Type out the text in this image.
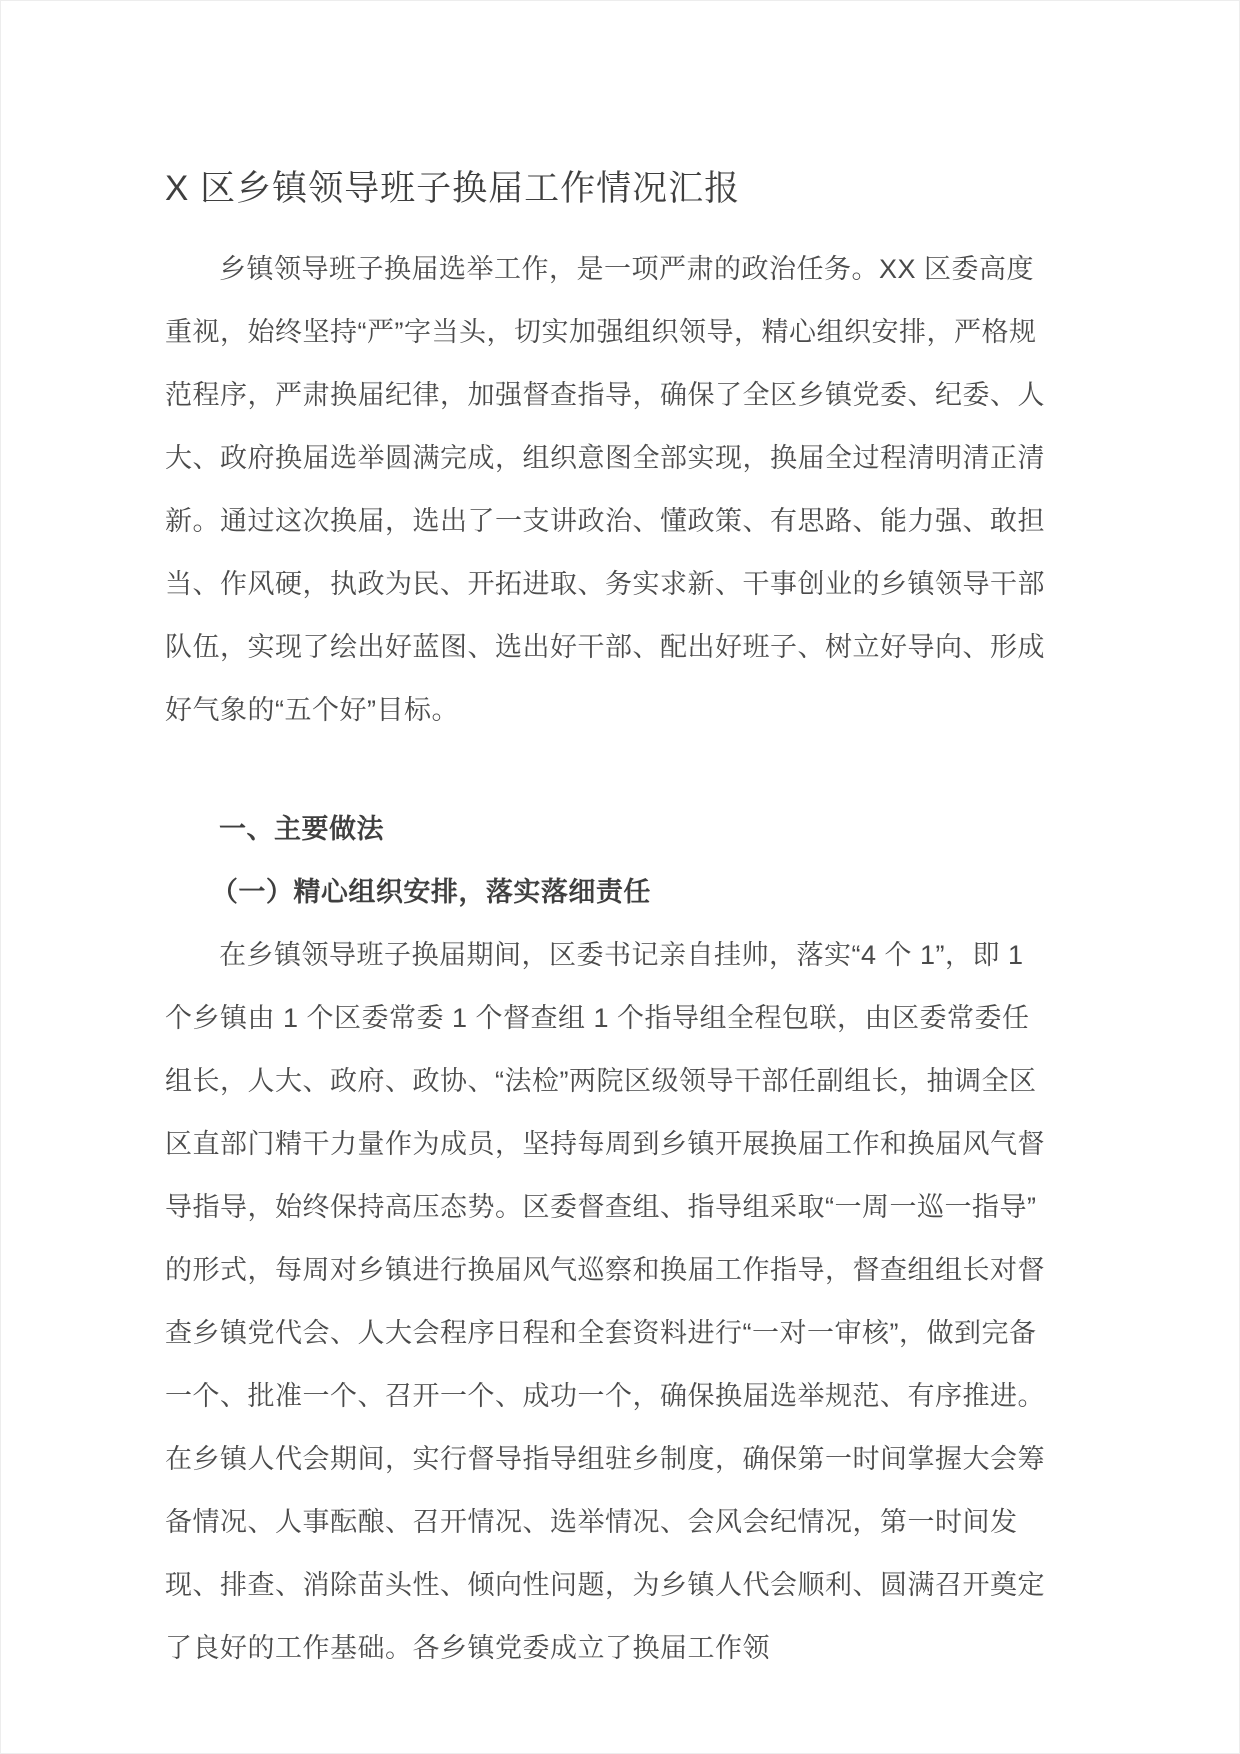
X 区乡镇领导班子换届工作情况汇报

乡镇领导班子换届选举工作，是一项严肃的政治任务。XX 区委高度重视，始终坚持“严”字当头，切实加强组织领导，精心组织安排，严格规范程序，严肃换届纪律，加强督查指导，确保了全区乡镇党委、纪委、人大、政府换届选举圆满完成，组织意图全部实现，换届全过程清明清正清新。通过这次换届，选出了一支讲政治、懂政策、有思路、能力强、敢担当、作风硬，执政为民、开拓进取、务实求新、干事创业的乡镇领导干部队伍，实现了绘出好蓝图、选出好干部、配出好班子、树立好导向、形成好气象的“五个好”目标。

一、主要做法
（一）精心组织安排，落实落细责任

在乡镇领导班子换届期间，区委书记亲自挂帅，落实“4 个 1”，即 1 个乡镇由 1 个区委常委 1 个督查组 1 个指导组全程包联，由区委常委任组长，人大、政府、政协、“法检”两院区级领导干部任副组长，抽调全区区直部门精干力量作为成员，坚持每周到乡镇开展换届工作和换届风气督导指导，始终保持高压态势。区委督查组、指导组采取“一周一巡一指导”的形式，每周对乡镇进行换届风气巡察和换届工作指导，督查组组长对督查乡镇党代会、人大会程序日程和全套资料进行“一对一审核”，做到完备一个、批准一个、召开一个、成功一个，确保换届选举规范、有序推进。在乡镇人代会期间，实行督导指导组驻乡制度，确保第一时间掌握大会筹备情况、人事酝酿、召开情况、选举情况、会风会纪情况，第一时间发现、排查、消除苗头性、倾向性问题，为乡镇人代会顺利、圆满召开奠定了良好的工作基础。各乡镇党委成立了换届工作领
